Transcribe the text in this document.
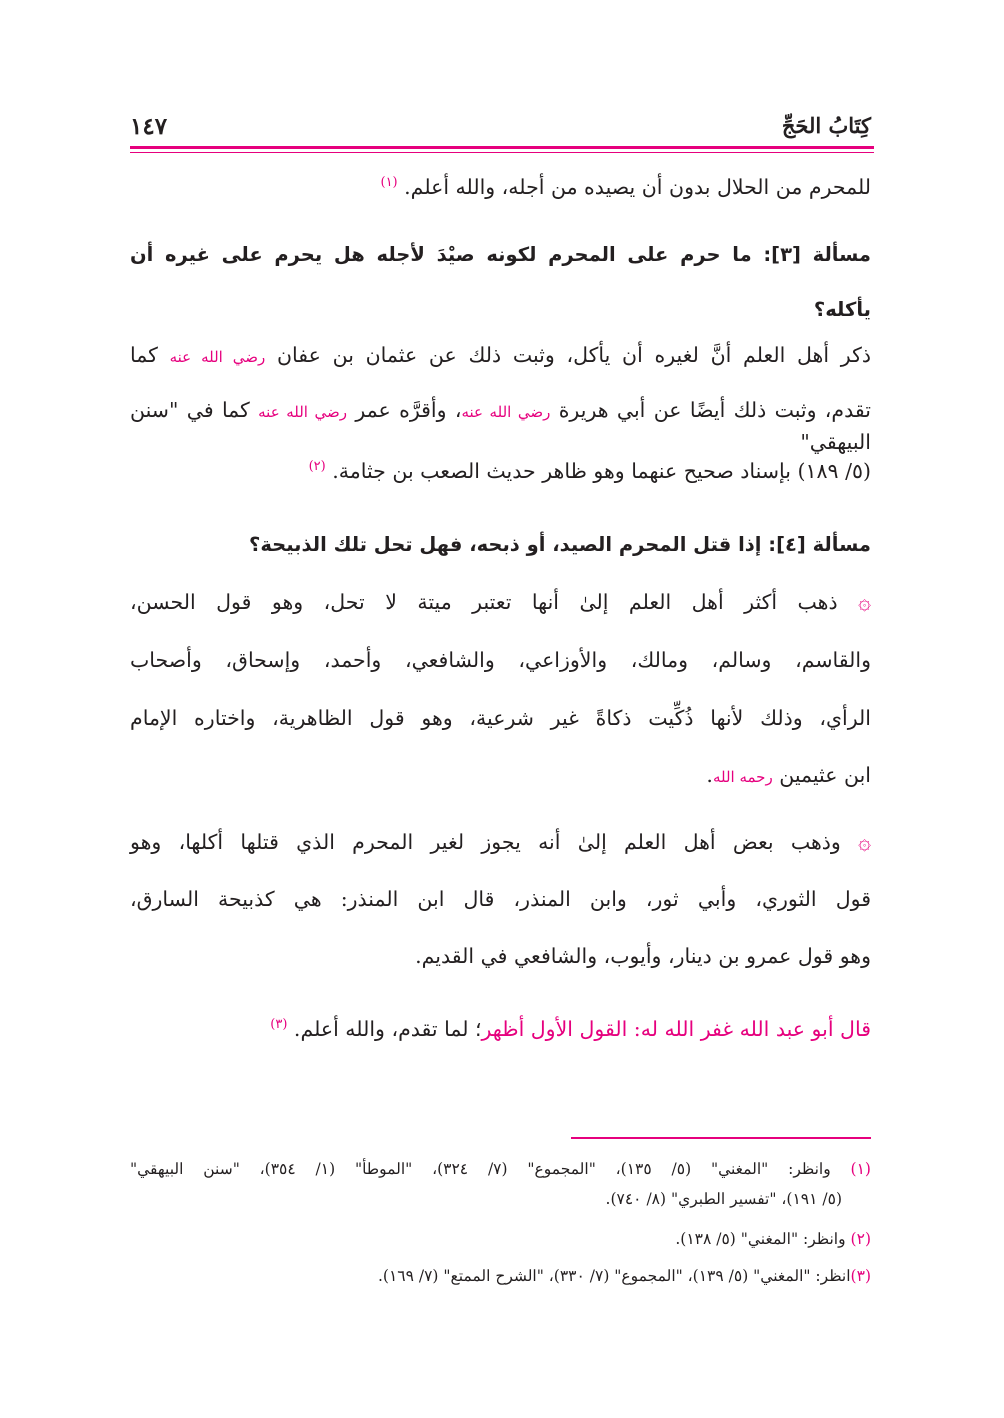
كِتَابُ الحَجِّ
١٤٧
للمحرم من الحلال بدون أن يصيده من أجله، والله أعلم. $^{(١)}$
مسألة [٣]: ما حرم على المحرم لكونه صيْدَ لأجله هل يحرم على غيره أن
يأكله؟
ذكر أهل العلم أنَّ لغيره أن يأكل، وثبت ذلك عن عثمان بن عفان رضي الله عنه كما
تقدم، وثبت ذلك أيضًا عن أبي هريرة رضي الله عنه، وأقرَّه عمر رضي الله عنه كما في "سنن البيهقي"
(٥/ ١٨٩) بإسناد صحيح عنهما وهو ظاهر حديث الصعب بن جثامة. $^{(٢)}$
مسألة [٤]: إذا قتل المحرم الصيد، أو ذبحه، فهل تحل تلك الذبيحة؟
۞ ذهب أكثر أهل العلم إلىٰ أنها تعتبر ميتة لا تحل، وهو قول الحسن،
والقاسم، وسالم، ومالك، والأوزاعي، والشافعي، وأحمد، وإسحاق، وأصحاب
الرأي، وذلك لأنها ذُكِّيت ذكاةً غير شرعية، وهو قول الظاهرية، واختاره الإمام
ابن عثيمين رحمه الله.
۞ وذهب بعض أهل العلم إلىٰ أنه يجوز لغير المحرم الذي قتلها أكلها، وهو
قول الثوري، وأبي ثور، وابن المنذر، قال ابن المنذر: هي كذبيحة السارق،
وهو قول عمرو بن دينار، وأيوب، والشافعي في القديم.
قال أبو عبد الله غفر الله له: القول الأول أظهر؛ لما تقدم، والله أعلم. $^{(٣)}$
(١) وانظر: "المغني" (٥/ ١٣٥)، "المجموع" (٧/ ٣٢٤)، "الموطأ" (١/ ٣٥٤)، "سنن البيهقي"
(٥/ ١٩١)، "تفسير الطبري" (٨/ ٧٤٠).
(٢) وانظر: "المغني" (٥/ ١٣٨).
(٣)انظر: "المغني" (٥/ ١٣٩)، "المجموع" (٧/ ٣٣٠)، "الشرح الممتع" (٧/ ١٦٩).
